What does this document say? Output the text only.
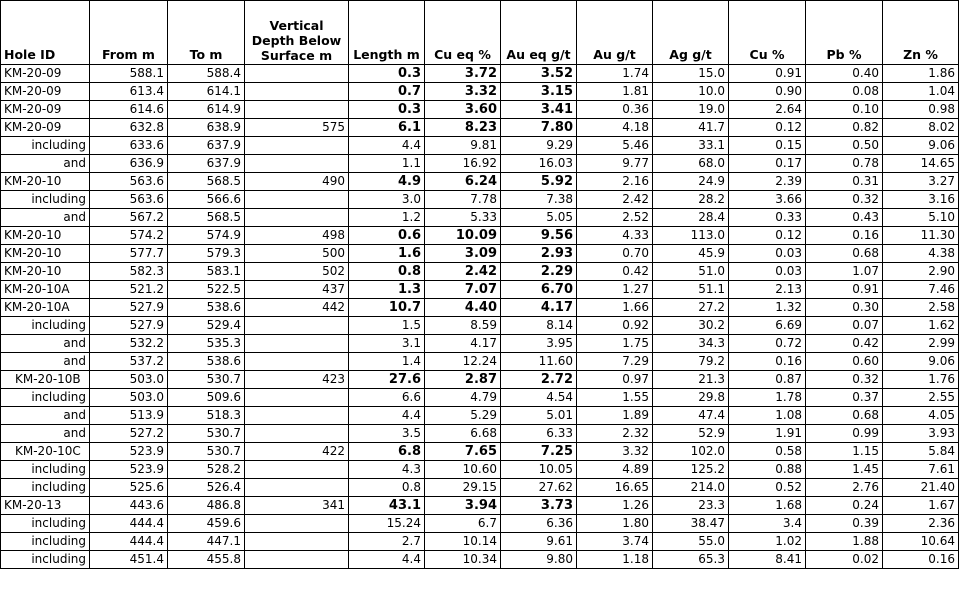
Hole ID	From m	To m	Vertical Depth Below Surface m	Length m	Cu eq %	Au eq g/t	Au g/t	Ag g/t	Cu %	Pb %	Zn %
KM-20-09	588.1	588.4		0.3	3.72	3.52	1.74	15.0	0.91	0.40	1.86
KM-20-09	613.4	614.1		0.7	3.32	3.15	1.81	10.0	0.90	0.08	1.04
KM-20-09	614.6	614.9		0.3	3.60	3.41	0.36	19.0	2.64	0.10	0.98
KM-20-09	632.8	638.9	575	6.1	8.23	7.80	4.18	41.7	0.12	0.82	8.02
including	633.6	637.9		4.4	9.81	9.29	5.46	33.1	0.15	0.50	9.06
and	636.9	637.9		1.1	16.92	16.03	9.77	68.0	0.17	0.78	14.65
KM-20-10	563.6	568.5	490	4.9	6.24	5.92	2.16	24.9	2.39	0.31	3.27
including	563.6	566.6		3.0	7.78	7.38	2.42	28.2	3.66	0.32	3.16
and	567.2	568.5		1.2	5.33	5.05	2.52	28.4	0.33	0.43	5.10
KM-20-10	574.2	574.9	498	0.6	10.09	9.56	4.33	113.0	0.12	0.16	11.30
KM-20-10	577.7	579.3	500	1.6	3.09	2.93	0.70	45.9	0.03	0.68	4.38
KM-20-10	582.3	583.1	502	0.8	2.42	2.29	0.42	51.0	0.03	1.07	2.90
KM-20-10A	521.2	522.5	437	1.3	7.07	6.70	1.27	51.1	2.13	0.91	7.46
KM-20-10A	527.9	538.6	442	10.7	4.40	4.17	1.66	27.2	1.32	0.30	2.58
including	527.9	529.4		1.5	8.59	8.14	0.92	30.2	6.69	0.07	1.62
and	532.2	535.3		3.1	4.17	3.95	1.75	34.3	0.72	0.42	2.99
and	537.2	538.6		1.4	12.24	11.60	7.29	79.2	0.16	0.60	9.06
KM-20-10B	503.0	530.7	423	27.6	2.87	2.72	0.97	21.3	0.87	0.32	1.76
including	503.0	509.6		6.6	4.79	4.54	1.55	29.8	1.78	0.37	2.55
and	513.9	518.3		4.4	5.29	5.01	1.89	47.4	1.08	0.68	4.05
and	527.2	530.7		3.5	6.68	6.33	2.32	52.9	1.91	0.99	3.93
KM-20-10C	523.9	530.7	422	6.8	7.65	7.25	3.32	102.0	0.58	1.15	5.84
including	523.9	528.2		4.3	10.60	10.05	4.89	125.2	0.88	1.45	7.61
including	525.6	526.4		0.8	29.15	27.62	16.65	214.0	0.52	2.76	21.40
KM-20-13	443.6	486.8	341	43.1	3.94	3.73	1.26	23.3	1.68	0.24	1.67
including	444.4	459.6		15.24	6.7	6.36	1.80	38.47	3.4	0.39	2.36
including	444.4	447.1		2.7	10.14	9.61	3.74	55.0	1.02	1.88	10.64
including	451.4	455.8		4.4	10.34	9.80	1.18	65.3	8.41	0.02	0.16
